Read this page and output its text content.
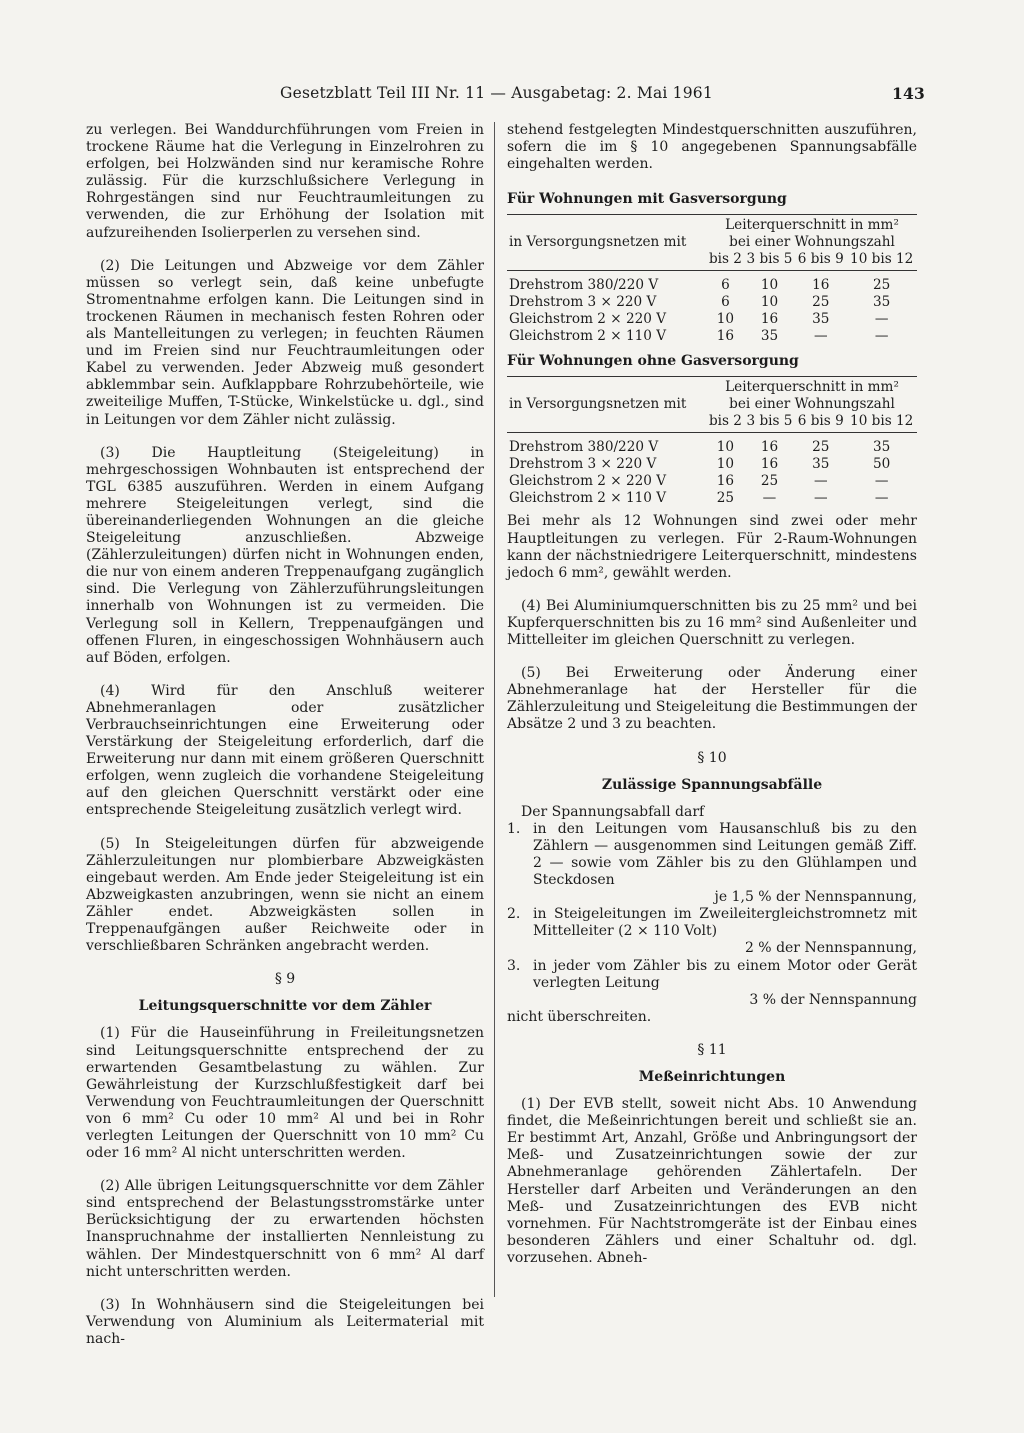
Gesetzblatt Teil III Nr. 11 — Ausgabetag: 2. Mai 1961	143

zu verlegen. Bei Wanddurchführungen vom Freien in trockene Räume hat die Verlegung in Einzelrohren zu erfolgen, bei Holzwänden sind nur keramische Rohre zulässig. Für die kurzschlußsichere Verlegung in Rohrgestängen sind nur Feuchtraumleitungen zu verwenden, die zur Erhöhung der Isolation mit aufzureihenden Isolierperlen zu versehen sind.

(2) Die Leitungen und Abzweige vor dem Zähler müssen so verlegt sein, daß keine unbefugte Stromentnahme erfolgen kann. Die Leitungen sind in trockenen Räumen in mechanisch festen Rohren oder als Mantelleitungen zu verlegen; in feuchten Räumen und im Freien sind nur Feuchtraumleitungen oder Kabel zu verwenden. Jeder Abzweig muß gesondert abklemmbar sein. Aufklappbare Rohrzubehörteile, wie zweiteilige Muffen, T-Stücke, Winkelstücke u. dgl., sind in Leitungen vor dem Zähler nicht zulässig.

(3) Die Hauptleitung (Steigeleitung) in mehrgeschossigen Wohnbauten ist entsprechend der TGL 6385 auszuführen. Werden in einem Aufgang mehrere Steigeleitungen verlegt, sind die übereinanderliegenden Wohnungen an die gleiche Steigeleitung anzuschließen. Abzweige (Zählerzuleitungen) dürfen nicht in Wohnungen enden, die nur von einem anderen Treppenaufgang zugänglich sind. Die Verlegung von Zählerzuführungsleitungen innerhalb von Wohnungen ist zu vermeiden. Die Verlegung soll in Kellern, Treppenaufgängen und offenen Fluren, in eingeschossigen Wohnhäusern auch auf Böden, erfolgen.

(4) Wird für den Anschluß weiterer Abnehmeranlagen oder zusätzlicher Verbrauchseinrichtungen eine Erweiterung oder Verstärkung der Steigeleitung erforderlich, darf die Erweiterung nur dann mit einem größeren Querschnitt erfolgen, wenn zugleich die vorhandene Steigeleitung auf den gleichen Querschnitt verstärkt oder eine entsprechende Steigeleitung zusätzlich verlegt wird.

(5) In Steigeleitungen dürfen für abzweigende Zählerzuleitungen nur plombierbare Abzweigkästen eingebaut werden. Am Ende jeder Steigeleitung ist ein Abzweigkasten anzubringen, wenn sie nicht an einem Zähler endet. Abzweigkästen sollen in Treppenaufgängen außer Reichweite oder in verschließbaren Schränken angebracht werden.

§ 9

Leitungsquerschnitte vor dem Zähler

(1) Für die Hauseinführung in Freileitungsnetzen sind Leitungsquerschnitte entsprechend der zu erwartenden Gesamtbelastung zu wählen. Zur Gewährleistung der Kurzschlußfestigkeit darf bei Verwendung von Feuchtraumleitungen der Querschnitt von 6 mm² Cu oder 10 mm² Al und bei in Rohr verlegten Leitungen der Querschnitt von 10 mm² Cu oder 16 mm² Al nicht unterschritten werden.

(2) Alle übrigen Leitungsquerschnitte vor dem Zähler sind entsprechend der Belastungsstromstärke unter Berücksichtigung der zu erwartenden höchsten Inanspruchnahme der installierten Nennleistung zu wählen. Der Mindestquerschnitt von 6 mm² Al darf nicht unterschritten werden.

(3) In Wohnhäusern sind die Steigeleitungen bei Verwendung von Aluminium als Leitermaterial mit nach-

stehend festgelegten Mindestquerschnitten auszuführen, sofern die im § 10 angegebenen Spannungsabfälle eingehalten werden.

Für Wohnungen mit Gasversorgung

in Versorgungsnetzen mit	Leiterquerschnitt in mm²			
	bei einer Wohnungszahl			
	bis 2	3 bis 5	6 bis 9	10 bis 12
Drehstrom 380/220 V	6	10	16	25
Drehstrom 3 × 220 V	6	10	25	35
Gleichstrom 2 × 220 V	10	16	35	—
Gleichstrom 2 × 110 V	16	35	—	—

Für Wohnungen ohne Gasversorgung

in Versorgungsnetzen mit	Leiterquerschnitt in mm²			
	bei einer Wohnungszahl			
	bis 2	3 bis 5	6 bis 9	10 bis 12
Drehstrom 380/220 V	10	16	25	35
Drehstrom 3 × 220 V	10	16	35	50
Gleichstrom 2 × 220 V	16	25	—	—
Gleichstrom 2 × 110 V	25	—	—	—

Bei mehr als 12 Wohnungen sind zwei oder mehr Hauptleitungen zu verlegen. Für 2-Raum-Wohnungen kann der nächstniedrigere Leiterquerschnitt, mindestens jedoch 6 mm², gewählt werden.

(4) Bei Aluminiumquerschnitten bis zu 25 mm² und bei Kupferquerschnitten bis zu 16 mm² sind Außenleiter und Mittelleiter im gleichen Querschnitt zu verlegen.

(5) Bei Erweiterung oder Änderung einer Abnehmeranlage hat der Hersteller für die Zählerzuleitung und Steigeleitung die Bestimmungen der Absätze 2 und 3 zu beachten.

§ 10

Zulässige Spannungsabfälle

Der Spannungsabfall darf

1. in den Leitungen vom Hausanschluß bis zu den Zählern — ausgenommen sind Leitungen gemäß Ziff. 2 — sowie vom Zähler bis zu den Glühlampen und Steckdosen
je 1,5 % der Nennspannung,
2. in Steigeleitungen im Zweileitergleichstromnetz mit Mittelleiter (2 × 110 Volt)
2 % der Nennspannung,
3. in jeder vom Zähler bis zu einem Motor oder Gerät verlegten Leitung
3 % der Nennspannung

nicht überschreiten.

§ 11

Meßeinrichtungen

(1) Der EVB stellt, soweit nicht Abs. 10 Anwendung findet, die Meßeinrichtungen bereit und schließt sie an. Er bestimmt Art, Anzahl, Größe und Anbringungsort der Meß- und Zusatzeinrichtungen sowie der zur Abnehmeranlage gehörenden Zählertafeln. Der Hersteller darf Arbeiten und Veränderungen an den Meß- und Zusatzeinrichtungen des EVB nicht vornehmen. Für Nachtstromgeräte ist der Einbau eines besonderen Zählers und einer Schaltuhr od. dgl. vorzusehen. Abneh-
